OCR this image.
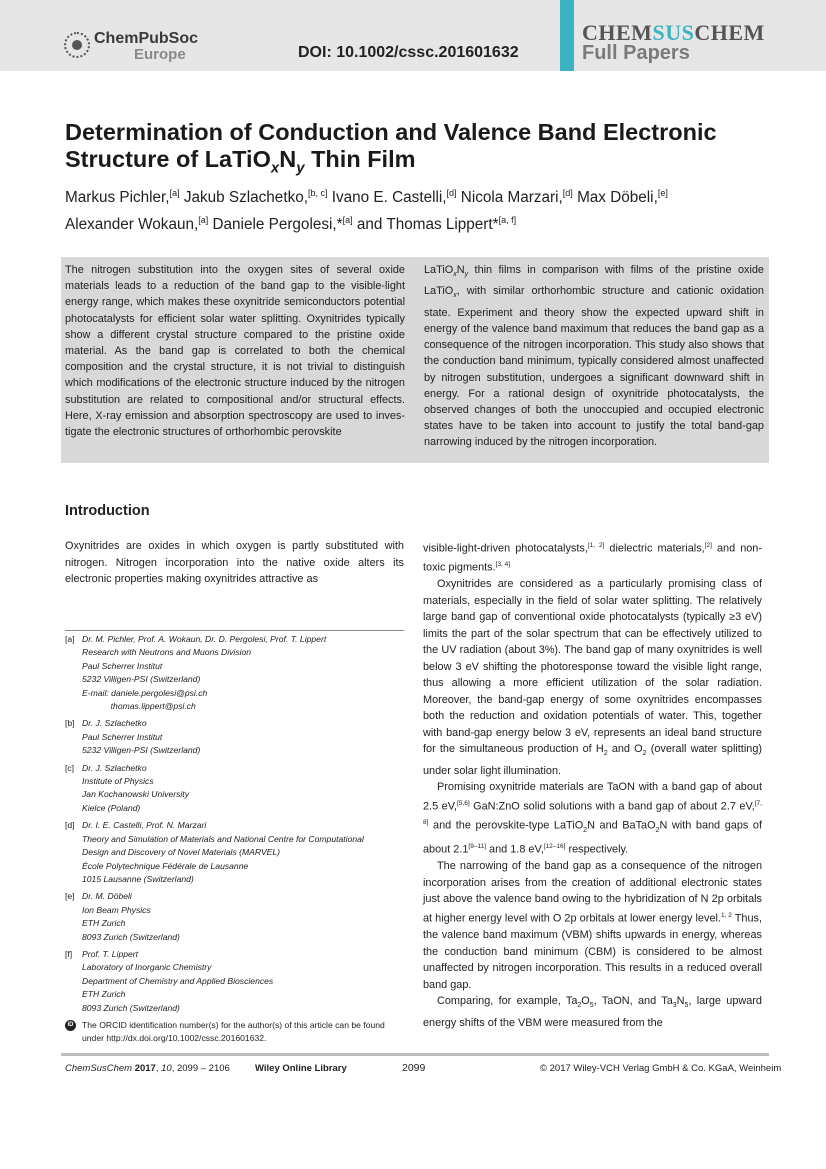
ChemPubSoc
Europe	DOI: 10.1002/cssc.201601632
CHEMSUSCHEM
Full Papers
Determination of Conduction and Valence Band Electronic Structure of $LaTiO_xN_y$ Thin Film
Markus Pichler,[a] Jakub Szlachetko,[b, c] Ivano E. Castelli,[d] Nicola Marzari,[d] Max Döbeli,[e]
Alexander Wokaun,[a] Daniele Pergolesi,*[a] and Thomas Lippert*[a, f]
The nitrogen substitution into the oxygen sites of several oxide materials leads to a reduction of the band gap to the visible-light energy range, which makes these oxynitride semiconductors potential photocatalysts for efficient solar water splitting. Oxynitrides typically show a different crystal structure compared to the pristine oxide material. As the band gap is correlated to both the chemical composition and the crystal structure, it is not trivial to distinguish which modifications of the electronic structure induced by the nitrogen substitution are related to compositional and/or structural effects. Here, X-ray emission and absorption spectroscopy are used to investigate the electronic structures of orthorhombic perovskite
$LaTiO_xN_y$ thin films in comparison with films of the pristine oxide LaTiO$_x$, with similar orthorhombic structure and cationic oxidation state. Experiment and theory show the expected upward shift in energy of the valence band maximum that reduces the band gap as a consequence of the nitrogen incorporation. This study also shows that the conduction band minimum, typically considered almost unaffected by nitrogen substitution, undergoes a significant downward shift in energy. For a rational design of oxynitride photocatalysts, the observed changes of both the unoccupied and occupied electronic states have to be taken into account to justify the total band-gap narrowing induced by the nitrogen incorporation.
Introduction

Oxynitrides are oxides in which oxygen is partly substituted with nitrogen. Nitrogen incorporation into the native oxide alters its electronic properties making oxynitrides attractive as

[a] Dr. M. Pichler, Prof. A. Wokaun, Dr. D. Pergolesi, Prof. T. Lippert
Research with Neutrons and Muons Division
Paul Scherrer Institut
5232 Villigen-PSI (Switzerland)
E-mail: daniele.pergolesi@psi.ch
thomas.lippert@psi.ch
[b] Dr. J. Szlachetko
Paul Scherrer Institut
5232 Villigen-PSI (Switzerland)
[c] Dr. J. Szlachetko
Institute of Physics
Jan Kochanowski University
Kielce (Poland)
[d] Dr. I. E. Castelli, Prof. N. Marzari
Theory and Simulation of Materials and National Centre for Computational
Design and Discovery of Novel Materials (MARVEL)
École Polytechnique Fédérale de Lausanne
1015 Lausanne (Switzerland)
[e] Dr. M. Döbeli
Ion Beam Physics
ETH Zurich
8093 Zurich (Switzerland)
[f] Prof. T. Lippert
Laboratory of Inorganic Chemistry
Department of Chemistry and Applied Biosciences
ETH Zurich
8093 Zurich (Switzerland)
iD The ORCID identification number(s) for the author(s) of this article can be found under http://dx.doi.org/10.1002/cssc.201601632.

visible-light-driven photocatalysts,[1, 2] dielectric materials,[2] and non-toxic pigments.[3, 4]

Oxynitrides are considered as a particularly promising class of materials, especially in the field of solar water splitting. The relatively large band gap of conventional oxide photocatalysts (typically ≥3 eV) limits the part of the solar spectrum that can be effectively utilized to the UV radiation (about 3%). The band gap of many oxynitrides is well below 3 eV shifting the photoresponse toward the visible light range, thus allowing a more efficient utilization of the solar radiation. Moreover, the band-gap energy of some oxynitrides encompasses both the reduction and oxidation potentials of water. This, together with band-gap energy below 3 eV, represents an ideal band structure for the simultaneous production of $H_2$ and $O_2$ (overall water splitting) under solar light illumination.

Promising oxynitride materials are TaON with a band gap of about 2.5 eV,[5,6] GaN:ZnO solid solutions with a band gap of about 2.7 eV,[7, 8] and the perovskite-type LaTiO$_2$N and BaTaO$_2$N with band gaps of about 2.1[9–11] and 1.8 eV,[12–16] respectively.

The narrowing of the band gap as a consequence of the nitrogen incorporation arises from the creation of additional electronic states just above the valence band owing to the hybridization of N 2p orbitals at higher energy level with O 2p orbitals at lower energy level.$^{1, 2}$ Thus, the valence band maximum (VBM) shifts upwards in energy, whereas the conduction band minimum (CBM) is considered to be almost unaffected by nitrogen incorporation. This results in a reduced overall band gap.

Comparing, for example, $Ta_2O_5$, TaON, and $Ta_3N_5$, large upward energy shifts of the VBM were measured from the

ChemSusChem 2017, 10, 2099 – 2106	Wiley Online Library	2099	© 2017 Wiley-VCH Verlag GmbH & Co. KGaA, Weinheim
